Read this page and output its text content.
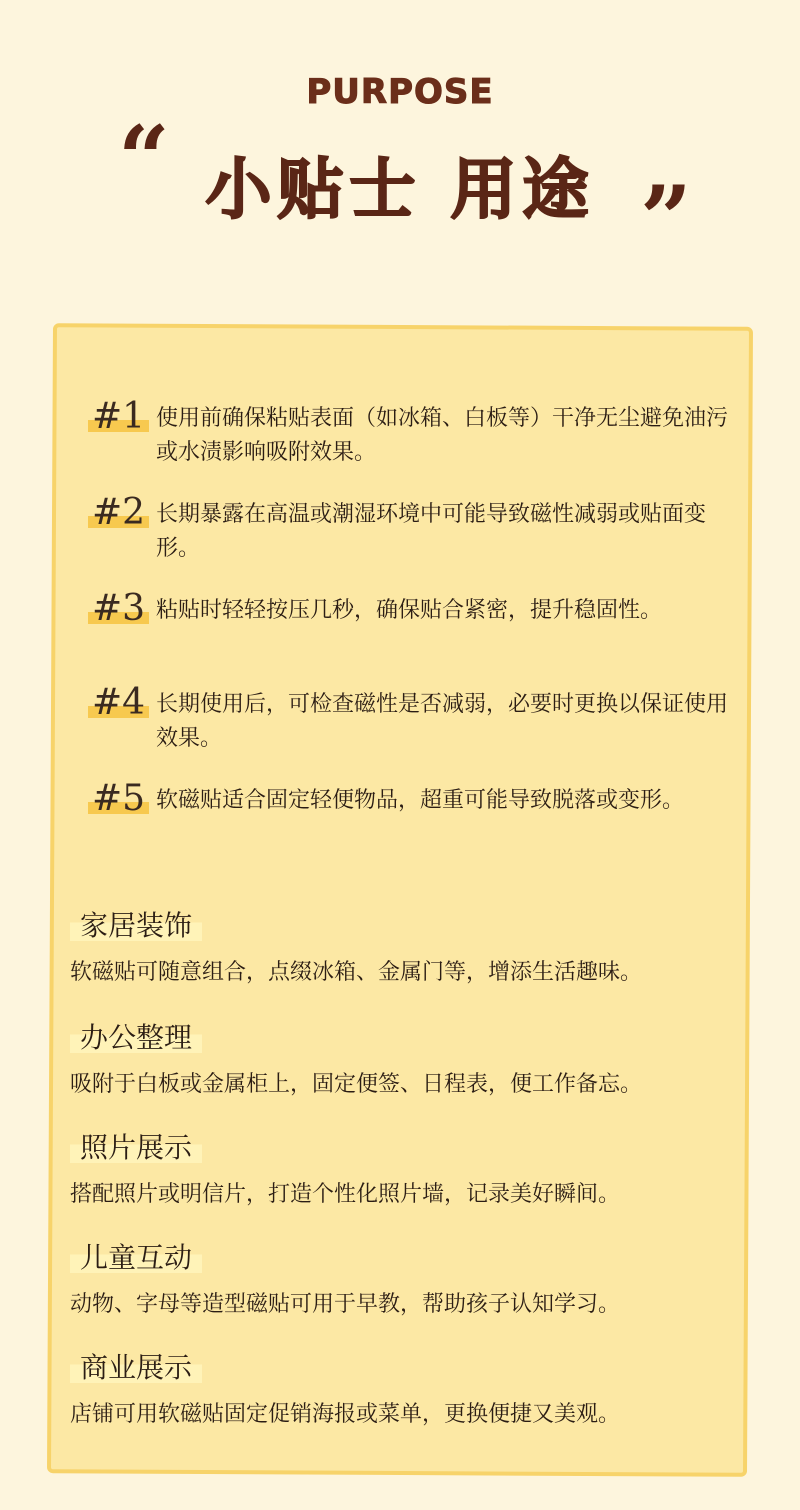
PURPOSE
“ 小贴士 用途 ”
#1 使用前确保粘贴表面（如冰箱、白板等）干净无尘避免油污或水渍影响吸附效果。
#2 长期暴露在高温或潮湿环境中可能导致磁性减弱或贴面变形。
#3 粘贴时轻轻按压几秒，确保贴合紧密，提升稳固性。
#4 长期使用后，可检查磁性是否减弱，必要时更换以保证使用效果。
#5 软磁贴适合固定轻便物品，超重可能导致脱落或变形。
家居装饰
软磁贴可随意组合，点缀冰箱、金属门等，增添生活趣味。
办公整理
吸附于白板或金属柜上，固定便签、日程表，便工作备忘。
照片展示
搭配照片或明信片，打造个性化照片墙，记录美好瞬间。
儿童互动
动物、字母等造型磁贴可用于早教，帮助孩子认知学习。
商业展示
店铺可用软磁贴固定促销海报或菜单，更换便捷又美观。
